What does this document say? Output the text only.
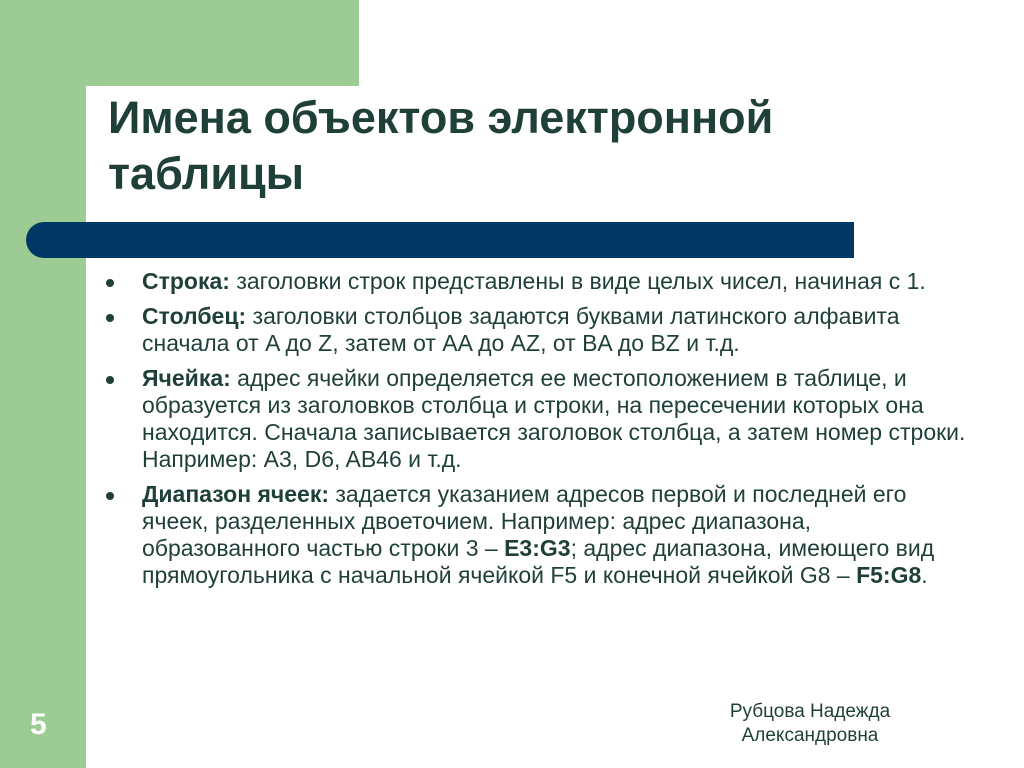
Имена объектов электронной таблицы
Строка: заголовки строк представлены в виде целых чисел, начиная с 1.
Столбец: заголовки столбцов задаются буквами латинского алфавита сначала от A до Z, затем от AA до AZ, от BA до BZ и т.д.
Ячейка: адрес ячейки определяется ее местоположением в таблице, и образуется из заголовков столбца и строки, на пересечении которых она находится. Сначала записывается заголовок столбца, а затем номер строки. Например: A3, D6, AB46 и т.д.
Диапазон ячеек: задается указанием адресов первой и последней его ячеек, разделенных двоеточием. Например: адрес диапазона, образованного частью строки 3 – E3:G3; адрес диапазона, имеющего вид прямоугольника с начальной ячейкой F5 и конечной ячейкой G8 – F5:G8.
5	Рубцова Надежда
Александровна
